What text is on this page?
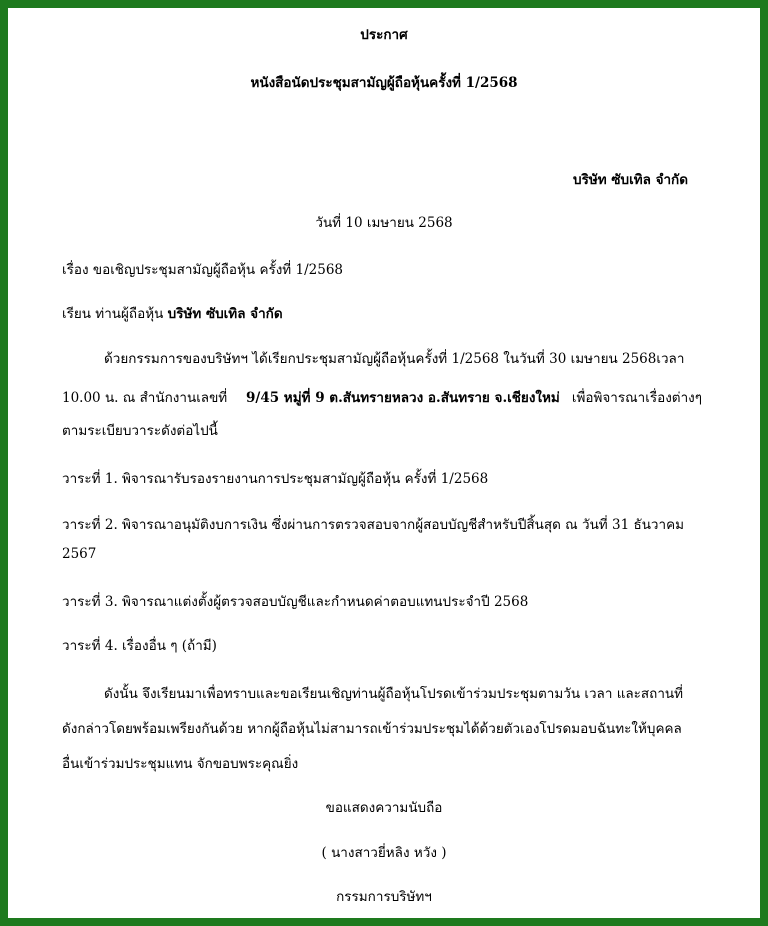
ประกาศ

หนังสือนัดประชุมสามัญผู้ถือหุ้นครั้งที่ 1/2568

บริษัท ซับเทิล จำกัด

วันที่ 10 เมษายน 2568

เรื่อง ขอเชิญประชุมสามัญผู้ถือหุ้น ครั้งที่ 1/2568

เรียน ท่านผู้ถือหุ้น บริษัท ซับเทิล จำกัด

ด้วยกรรมการของบริษัทฯ ได้เรียกประชุมสามัญผู้ถือหุ้นครั้งที่ 1/2568 ในวันที่ 30 เมษายน 2568เวลา

10.00 น. ณ สำนักงานเลขที่ 9/45 หมู่ที่ 9 ต.สันทรายหลวง อ.สันทราย จ.เชียงใหม่ เพื่อพิจารณาเรื่องต่างๆ

ตามระเบียบวาระดังต่อไปนี้

วาระที่ 1. พิจารณารับรองรายงานการประชุมสามัญผู้ถือหุ้น ครั้งที่ 1/2568

วาระที่ 2. พิจารณาอนุมัติงบการเงิน ซึ่งผ่านการตรวจสอบจากผู้สอบบัญชีสำหรับปีสิ้นสุด ณ วันที่ 31 ธันวาคม

2567

วาระที่ 3. พิจารณาแต่งตั้งผู้ตรวจสอบบัญชีและกำหนดค่าตอบแทนประจำปี 2568

วาระที่ 4. เรื่องอื่น ๆ (ถ้ามี)

ดังนั้น จึงเรียนมาเพื่อทราบและขอเรียนเชิญท่านผู้ถือหุ้นโปรดเข้าร่วมประชุมตามวัน เวลา และสถานที่

ดังกล่าวโดยพร้อมเพรียงกันด้วย หากผู้ถือหุ้นไม่สามารถเข้าร่วมประชุมได้ด้วยตัวเองโปรดมอบฉันทะให้บุคคล

อื่นเข้าร่วมประชุมแทน จักขอบพระคุณยิ่ง

ขอแสดงความนับถือ

( นางสาวยี่หลิง หวัง )

กรรมการบริษัทฯ
